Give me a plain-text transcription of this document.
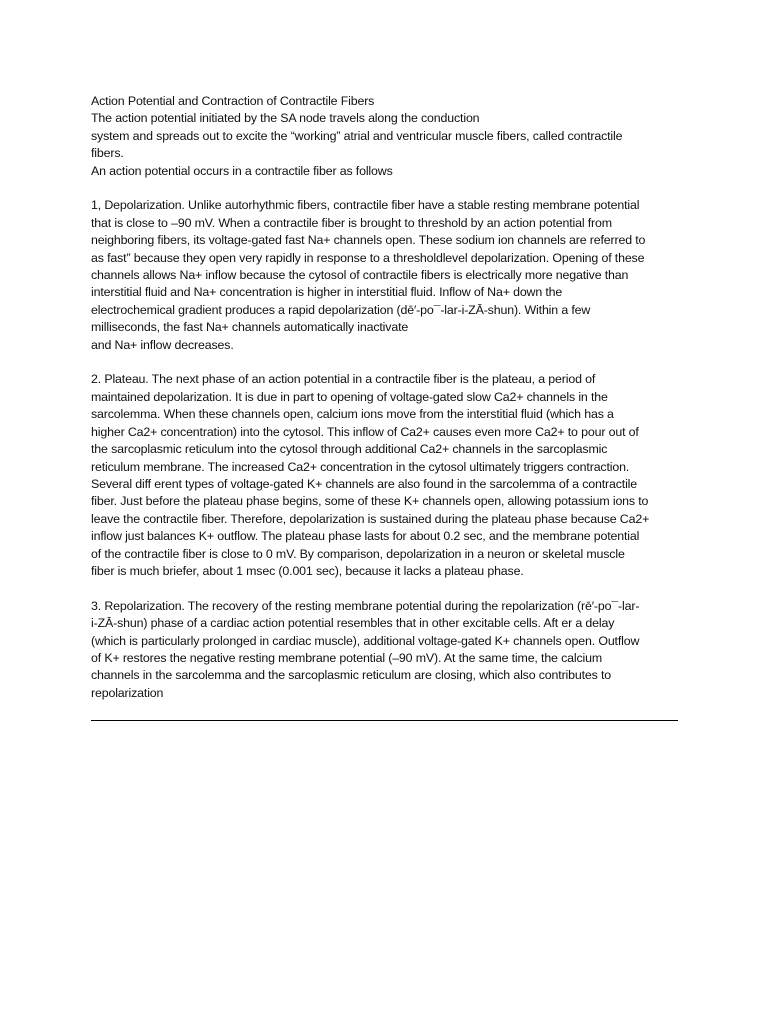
Action Potential and Contraction of Contractile Fibers
The action potential initiated by the SA node travels along the conduction
system and spreads out to excite the “working” atrial and ventricular muscle fibers, called contractile
fibers.
An action potential occurs in a contractile fiber as follows
1, Depolarization. Unlike autorhythmic fibers, contractile fiber have a stable resting membrane potential
that is close to –90 mV. When a contractile fiber is brought to threshold by an action potential from
neighboring fibers, its voltage-gated fast Na+ channels open. These sodium ion channels are referred to
as fast” because they open very rapidly in response to a thresholdlevel depolarization. Opening of these
channels allows Na+ inflow because the cytosol of contractile fibers is electrically more negative than
interstitial fluid and Na+ concentration is higher in interstitial fluid. Inflow of Na+ down the
electrochemical gradient produces a rapid depolarization (dē′-po¯-lar-i-ZĀ-shun). Within a few
milliseconds, the fast Na+ channels automatically inactivate
and Na+ inflow decreases.
2. Plateau. The next phase of an action potential in a contractile fiber is the plateau, a period of
maintained depolarization. It is due in part to opening of voltage-gated slow Ca2+ channels in the
sarcolemma. When these channels open, calcium ions move from the interstitial fluid (which has a
higher Ca2+ concentration) into the cytosol. This inflow of Ca2+ causes even more Ca2+ to pour out of
the sarcoplasmic reticulum into the cytosol through additional Ca2+ channels in the sarcoplasmic
reticulum membrane. The increased Ca2+ concentration in the cytosol ultimately triggers contraction.
Several diff erent types of voltage-gated K+ channels are also found in the sarcolemma of a contractile
fiber. Just before the plateau phase begins, some of these K+ channels open, allowing potassium ions to
leave the contractile fiber. Therefore, depolarization is sustained during the plateau phase because Ca2+
inflow just balances K+ outflow. The plateau phase lasts for about 0.2 sec, and the membrane potential
of the contractile fiber is close to 0 mV. By comparison, depolarization in a neuron or skeletal muscle
fiber is much briefer, about 1 msec (0.001 sec), because it lacks a plateau phase.
3. Repolarization. The recovery of the resting membrane potential during the repolarization (rē′-po¯-lar-
i-ZĀ-shun) phase of a cardiac action potential resembles that in other excitable cells. Aft er a delay
(which is particularly prolonged in cardiac muscle), additional voltage-gated K+ channels open. Outflow
of K+ restores the negative resting membrane potential (–90 mV). At the same time, the calcium
channels in the sarcolemma and the sarcoplasmic reticulum are closing, which also contributes to
repolarization
